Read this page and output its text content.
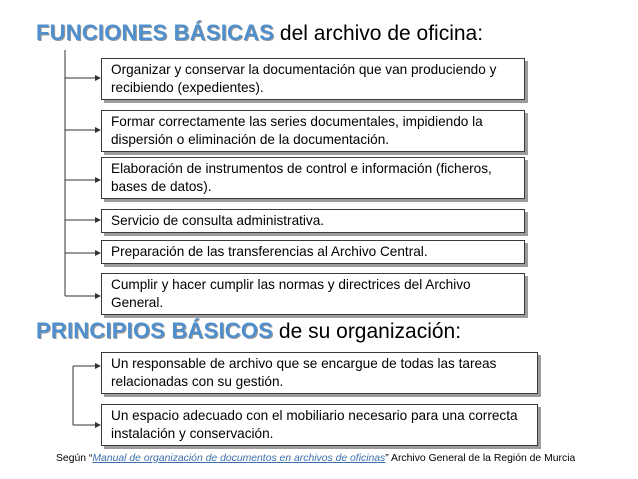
FUNCIONES BÁSICAS del archivo de oficina:
Organizar y conservar la documentación que van produciendo y recibiendo (expedientes).
Formar correctamente las series documentales, impidiendo la dispersión o eliminación de la documentación.
Elaboración de instrumentos de control e información (ficheros, bases de datos).
Servicio de consulta administrativa.
Preparación de las transferencias al Archivo Central.
Cumplir y hacer cumplir las normas y directrices del Archivo General.
PRINCIPIOS BÁSICOS de su organización:
Un responsable de archivo que se encargue de todas las tareas relacionadas con su gestión.
Un espacio adecuado con el mobiliario necesario para una correcta instalación y conservación.
Según “Manual de organización de documentos en archivos de oficinas” Archivo General de la Región de Murcia
